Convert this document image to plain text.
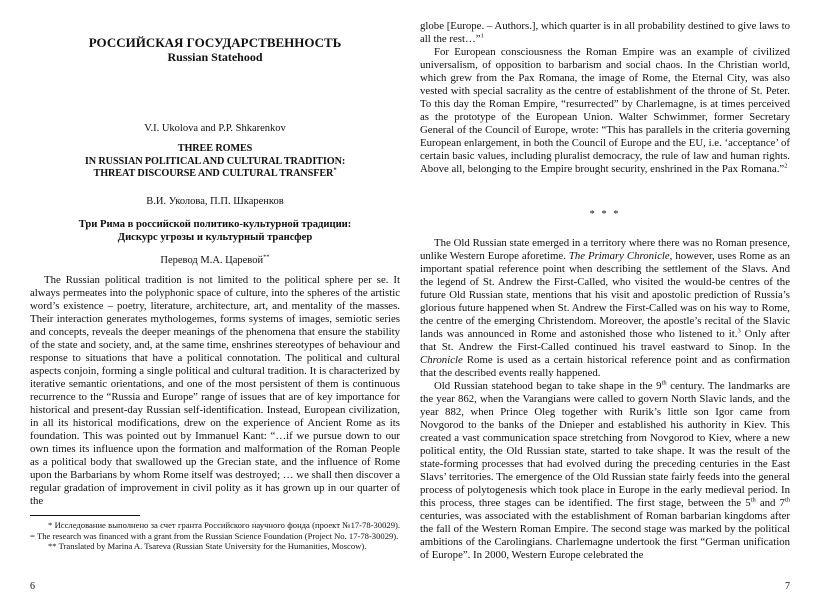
РОССИЙСКАЯ ГОСУДАРСТВЕННОСТЬ

Russian Statehood

V.I. Ukolova and P.P. Shkarenkov

THREE ROMES

IN RUSSIAN POLITICAL AND CULTURAL TRADITION:

THREAT DISCOURSE AND CULTURAL TRANSFER*

В.И. Уколова, П.П. Шкаренков

Три Рима в российской политико-культурной традиции:

Дискурс угрозы и культурный трансфер

Перевод М.А. Царевой**

The Russian political tradition is not limited to the political sphere per se. It always permeates into the polyphonic space of culture, into the spheres of the artistic word’s existence – poetry, literature, architecture, art, and mentality of the masses. Their interaction generates mythologemes, forms systems of images, semiotic series and concepts, reveals the deeper meanings of the phenomena that ensure the stability of the state and society, and, at the same time, enshrines stereotypes of behaviour and response to situations that have a political connotation. The political and cultural aspects conjoin, forming a single political and cultural tradition. It is characterized by iterative semantic orientations, and one of the most persistent of them is continuous recurrence to the “Russia and Europe” range of issues that are of key importance for historical and present-day Russian self-identification. Instead, European civilization, in all its historical modifications, drew on the experience of Ancient Rome as its foundation. This was pointed out by Immanuel Kant: “…if we pursue down to our own times its influence upon the formation and malformation of the Roman People as a political body that swallowed up the Grecian state, and the influence of Rome upon the Barbarians by whom Rome itself was destroyed; … we shall then discover a regular gradation of improvement in civil polity as it has grown up in our quarter of the

* Исследование выполнено за счет гранта Российского научного фонда (проект №17-78-30029). = The research was financed with a grant from the Russian Science Foundation (Project No. 17-78-30029).

** Translated by Marina A. Tsareva (Russian State University for the Humanities, Moscow).

6

globe [Europe. – Authors.], which quarter is in all probability destined to give laws to all the rest…”$^1$

For European consciousness the Roman Empire was an example of civilized universalism, of opposition to barbarism and social chaos. In the Christian world, which grew from the Pax Romana, the image of Rome, the Eternal City, was also vested with special sacrality as the centre of establishment of the throne of St. Peter. To this day the Roman Empire, “resurrected” by Charlemagne, is at times perceived as the prototype of the European Union. Walter Schwimmer, former Secretary General of the Council of Europe, wrote: “This has parallels in the criteria governing European enlargement, in both the Council of Europe and the EU, i.e. ‘acceptance’ of certain basic values, including pluralist democracy, the rule of law and human rights. Above all, belonging to the Empire brought security, enshrined in the Pax Romana.”$^2$

* * *

The Old Russian state emerged in a territory where there was no Roman presence, unlike Western Europe aforetime. The Primary Chronicle, however, uses Rome as an important spatial reference point when describing the settlement of the Slavs. And the legend of St. Andrew the First-Called, who visited the would-be centres of the future Old Russian state, mentions that his visit and apostolic prediction of Russia’s glorious future happened when St. Andrew the First-Called was on his way to Rome, the centre of the emerging Christendom. Moreover, the apostle’s recital of the Slavic lands was announced in Rome and astonished those who listened to it.$^3$ Only after that St. Andrew the First-Called continued his travel eastward to Sinop. In the Chronicle Rome is used as a certain historical reference point and as confirmation that the described events really happened.

Old Russian statehood began to take shape in the 9th century. The landmarks are the year 862, when the Varangians were called to govern North Slavic lands, and the year 882, when Prince Oleg together with Rurik’s little son Igor came from Novgorod to the banks of the Dnieper and established his authority in Kiev. This created a vast communication space stretching from Novgorod to Kiev, where a new political entity, the Old Russian state, started to take shape. It was the result of the state-forming processes that had evolved during the preceding centuries in the East Slavs’ territories. The emergence of the Old Russian state fairly feeds into the general process of polytogenesis which took place in Europe in the early medieval period. In this process, three stages can be identified. The first stage, between the 5th and 7th centuries, was associated with the establishment of Roman barbarian kingdoms after the fall of the Western Roman Empire. The second stage was marked by the political ambitions of the Carolingians. Charlemagne undertook the first “German unification of Europe”. In 2000, Western Europe celebrated the

7
